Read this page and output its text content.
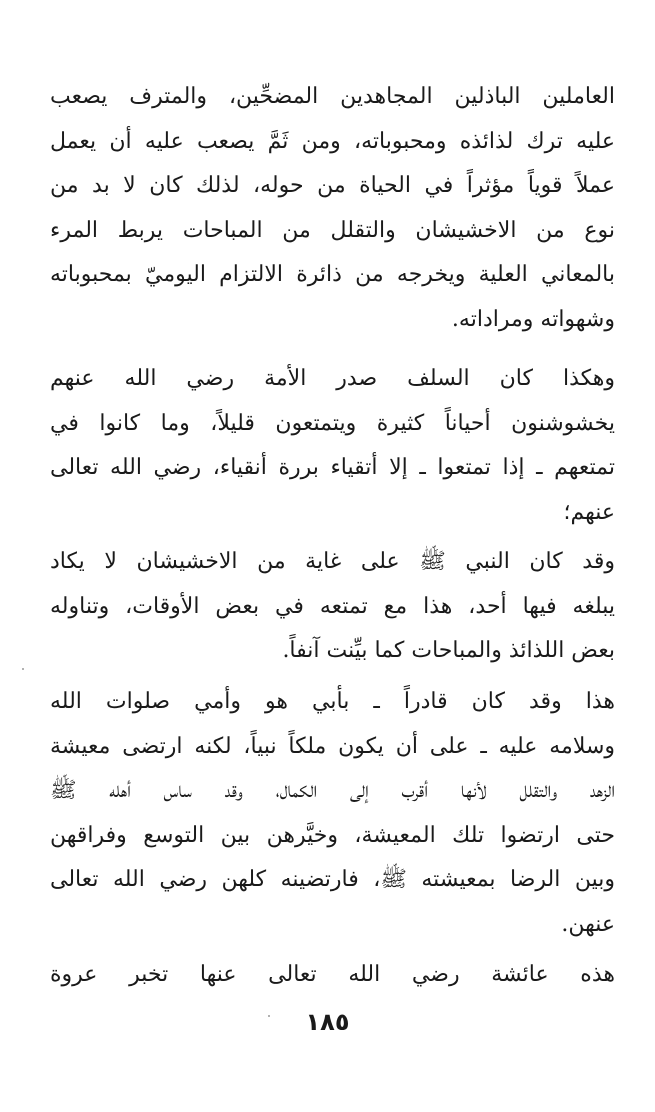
العاملين الباذلين المجاهدين المضحِّين، والمترف يصعب
عليه ترك لذائذه ومحبوباته، ومن ثَمَّ يصعب عليه أن يعمل
عملاً قوياً مؤثراً في الحياة من حوله، لذلك كان لا بد من
نوع من الاخشيشان والتقلل من المباحات يربط المرء
بالمعاني العلية ويخرجه من ذائرة الالتزام اليوميّ بمحبوباته
وشهواته ومراداته.
وهكذا كان السلف صدر الأمة رضي الله عنهم
يخشوشنون أحياناً كثيرة ويتمتعون قليلاً، وما كانوا في
تمتعهم ـ إذا تمتعوا ـ إلا أتقياء بررة أنقياء، رضي الله تعالى
عنهم؛
وقد كان النبي ﷺ على غاية من الاخشيشان لا يكاد
يبلغه فيها أحد، هذا مع تمتعه في بعض الأوقات، وتناوله
بعض اللذائذ والمباحات كما بيِّنت آنفاً.
هذا وقد كان قادراً ـ بأبي هو وأمي صلوات الله
وسلامه عليه ـ على أن يكون ملكاً نبياً، لكنه ارتضى معيشة
الزهد والتقلل لأنها أقرب إلى الكمال، وقد ساس أهله ﷺ
حتى ارتضوا تلك المعيشة، وخيَّرهن بين التوسع وفراقهن
وبين الرضا بمعيشته ﷺ، فارتضينه كلهن رضي الله تعالى
عنهن.
هذه عائشة رضي الله تعالى عنها تخبر عروة
١٨٥
